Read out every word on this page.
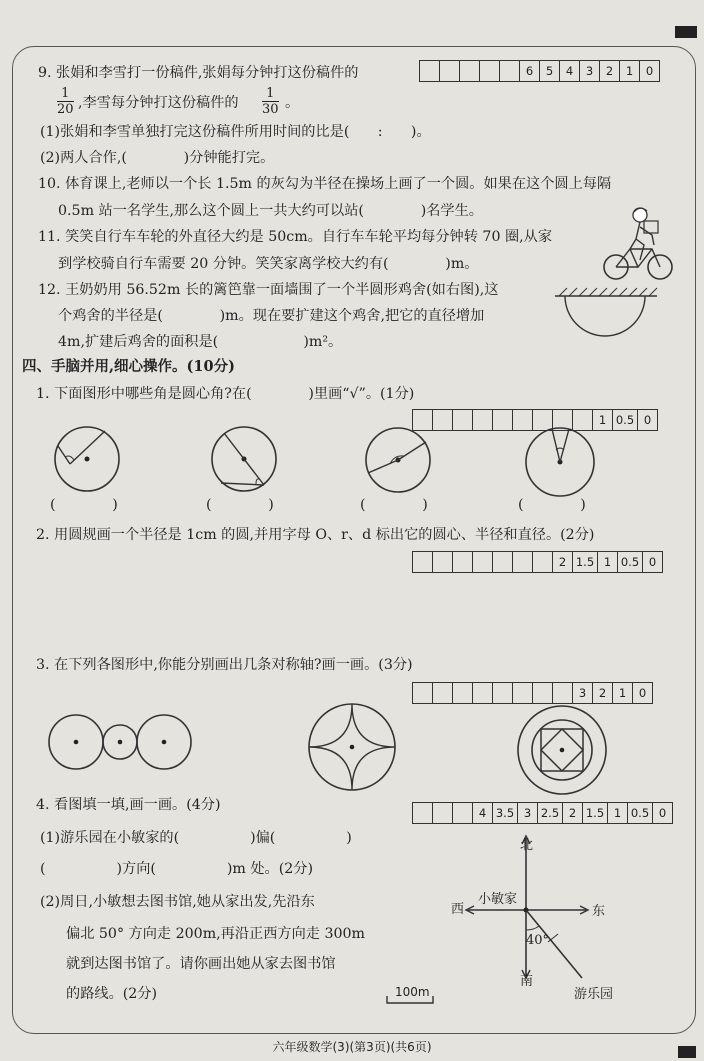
9. 张娟和李雪打一份稿件,张娟每分钟打这份稿件的
$\frac{1}{20}$ ,李雪每分钟打这份稿件的 $\frac{1}{30}$ 。
(1)张娟和李雪单独打完这份稿件所用时间的比是(　　:　　)。
(2)两人合作,(　　　　)分钟能打完。
6	5	4	3	2	1	0
10. 体育课上,老师以一个长 1.5m 的灰勾为半径在操场上画了一个圆。如果在这个圆上每隔
0.5m 站一名学生,那么这个圆上一共大约可以站(　　　　)名学生。
11. 笑笑自行车车轮的外直径大约是 50cm。自行车车轮平均每分钟转 70 圈,从家
到学校骑自行车需要 20 分钟。笑笑家离学校大约有(　　　　)m。
12. 王奶奶用 56.52m 长的篱笆靠一面墙围了一个半圆形鸡舍(如右图),这
个鸡舍的半径是(　　　　)m。现在要扩建这个鸡舍,把它的直径增加
4m,扩建后鸡舍的面积是(　　　　　　)m²。
四、手脑并用,细心操作。(10分)
1. 下面图形中哪些角是圆心角?在(　　　　)里画“√”。(1分)
1 0.5 0
(　　　　)	(　　　　)	(　　　　)	(　　　　)
2. 用圆规画一个半径是 1cm 的圆,并用字母 O、r、d 标出它的圆心、半径和直径。(2分)
2 1.5 1 0.5 0
3. 在下列各图形中,你能分别画出几条对称轴?画一画。(3分)
3	2	1	0
4. 看图填一填,画一画。(4分)	4 3.5 3 2.5 2 1.5 1 0.5 0
(1)游乐园在小敏家的(　　　　　)偏(　　　　　)
(　　　　　)方向(　　　　　)m 处。(2分)
(2)周日,小敏想去图书馆,她从家出发,先沿东
偏北 50° 方向走 200m,再沿正西方向走 300m
就到达图书馆了。请你画出她从家去图书馆
的路线。(2分)
北
南
东
西
小敏家
40°
游乐园
100m
六年级数学(3)(第3页)(共6页)
